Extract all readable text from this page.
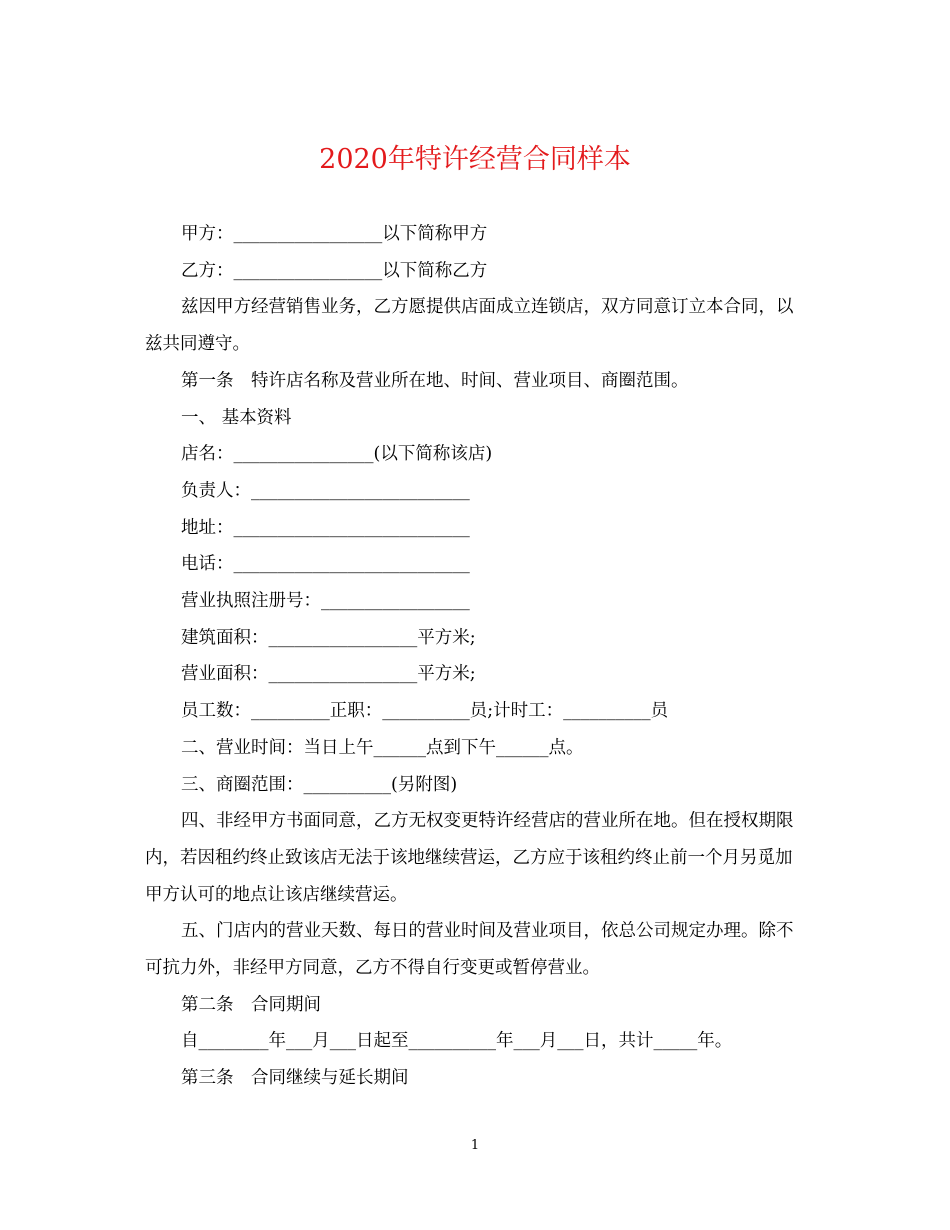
2020年特许经营合同样本

甲方：_________________以下简称甲方

乙方：_________________以下简称乙方

兹因甲方经营销售业务，乙方愿提供店面成立连锁店，双方同意订立本合同，以兹共同遵守。

第一条　特许店名称及营业所在地、时间、营业项目、商圈范围。

一、 基本资料

店名：________________(以下简称该店)

负责人：_________________________

地址：___________________________

电话：___________________________

营业执照注册号：_________________

建筑面积：_________________平方米;

营业面积：_________________平方米;

员工数：_________正职：__________员;计时工：__________员

二、营业时间：当日上午______点到下午______点。

三、商圈范围：__________(另附图)

四、非经甲方书面同意，乙方无权变更特许经营店的营业所在地。但在授权期限内，若因租约终止致该店无法于该地继续营运，乙方应于该租约终止前一个月另觅加甲方认可的地点让该店继续营运。

五、门店内的营业天数、每日的营业时间及营业项目，依总公司规定办理。除不可抗力外，非经甲方同意，乙方不得自行变更或暂停营业。

第二条　合同期间

自________年___月___日起至__________年___月___日，共计_____年。

第三条　合同继续与延长期间

1
